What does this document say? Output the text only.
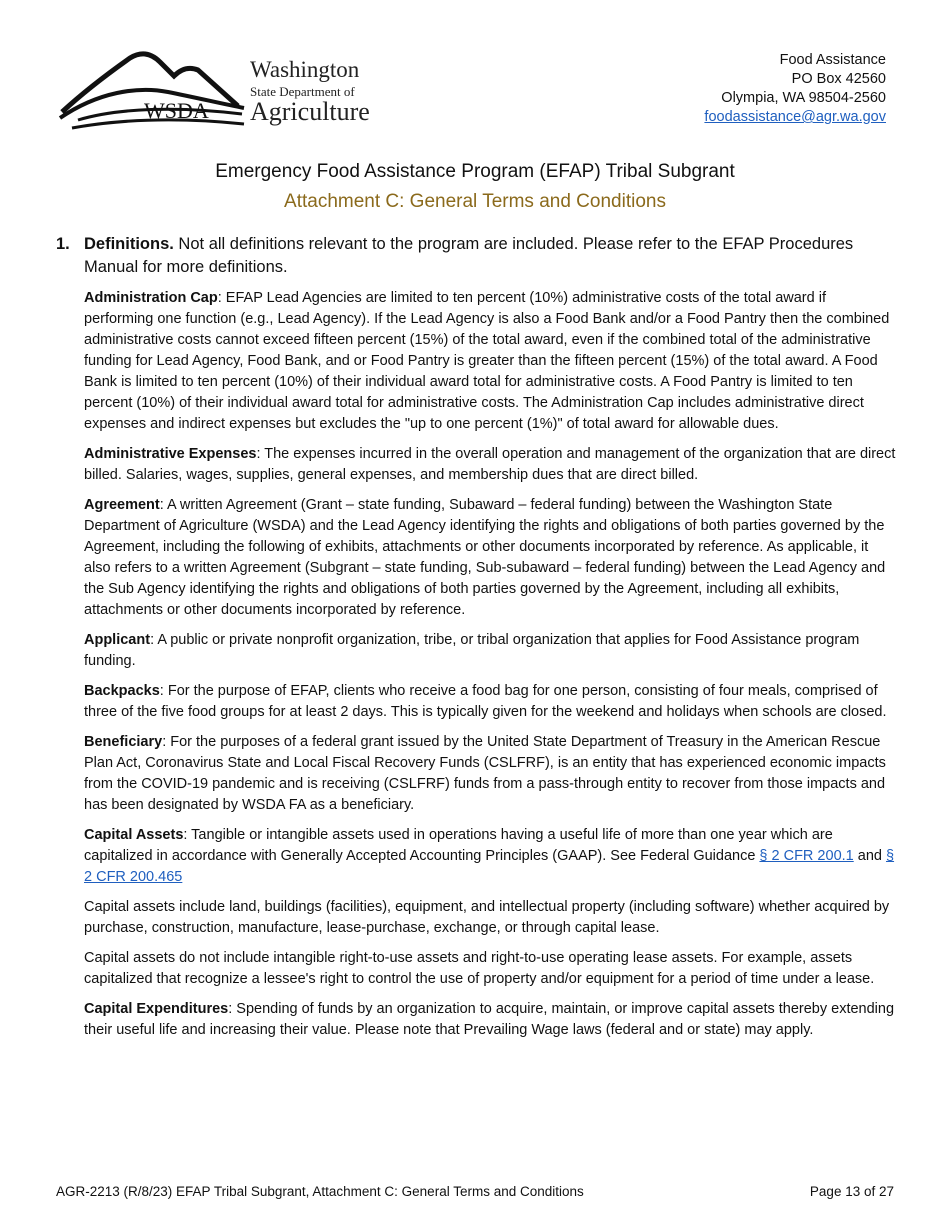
WSDA
Washington
State Department of
Agriculture
Food Assistance
PO Box 42560
Olympia, WA 98504-2560
foodassistance@agr.wa.gov
Emergency Food Assistance Program (EFAP) Tribal Subgrant
Attachment C: General Terms and Conditions
1. Definitions. Not all definitions relevant to the program are included. Please refer to the EFAP Procedures Manual for more definitions.

Administration Cap: EFAP Lead Agencies are limited to ten percent (10%) administrative costs of the total award if performing one function (e.g., Lead Agency). If the Lead Agency is also a Food Bank and/or a Food Pantry then the combined administrative costs cannot exceed fifteen percent (15%) of the total award, even if the combined total of the administrative funding for Lead Agency, Food Bank, and or Food Pantry is greater than the fifteen percent (15%) of the total award. A Food Bank is limited to ten percent (10%) of their individual award total for administrative costs. A Food Pantry is limited to ten percent (10%) of their individual award total for administrative costs. The Administration Cap includes administrative direct expenses and indirect expenses but excludes the "up to one percent (1%)" of total award for allowable dues.

Administrative Expenses: The expenses incurred in the overall operation and management of the organization that are direct billed. Salaries, wages, supplies, general expenses, and membership dues that are direct billed.

Agreement: A written Agreement (Grant – state funding, Subaward – federal funding) between the Washington State Department of Agriculture (WSDA) and the Lead Agency identifying the rights and obligations of both parties governed by the Agreement, including the following of exhibits, attachments or other documents incorporated by reference. As applicable, it also refers to a written Agreement (Subgrant – state funding, Sub-subaward – federal funding) between the Lead Agency and the Sub Agency identifying the rights and obligations of both parties governed by the Agreement, including all exhibits, attachments or other documents incorporated by reference.

Applicant: A public or private nonprofit organization, tribe, or tribal organization that applies for Food Assistance program funding.

Backpacks: For the purpose of EFAP, clients who receive a food bag for one person, consisting of four meals, comprised of three of the five food groups for at least 2 days. This is typically given for the weekend and holidays when schools are closed.

Beneficiary: For the purposes of a federal grant issued by the United State Department of Treasury in the American Rescue Plan Act, Coronavirus State and Local Fiscal Recovery Funds (CSLFRF), is an entity that has experienced economic impacts from the COVID-19 pandemic and is receiving (CSLFRF) funds from a pass-through entity to recover from those impacts and has been designated by WSDA FA as a beneficiary.

Capital Assets: Tangible or intangible assets used in operations having a useful life of more than one year which are capitalized in accordance with Generally Accepted Accounting Principles (GAAP). See Federal Guidance § 2 CFR 200.1 and § 2 CFR 200.465

Capital assets include land, buildings (facilities), equipment, and intellectual property (including software) whether acquired by purchase, construction, manufacture, lease-purchase, exchange, or through capital lease.

Capital assets do not include intangible right-to-use assets and right-to-use operating lease assets. For example, assets capitalized that recognize a lessee's right to control the use of property and/or equipment for a period of time under a lease.

Capital Expenditures: Spending of funds by an organization to acquire, maintain, or improve capital assets thereby extending their useful life and increasing their value. Please note that Prevailing Wage laws (federal and or state) may apply.

AGR-2213 (R/8/23) EFAP Tribal Subgrant, Attachment C: General Terms and Conditions	Page 13 of 27
